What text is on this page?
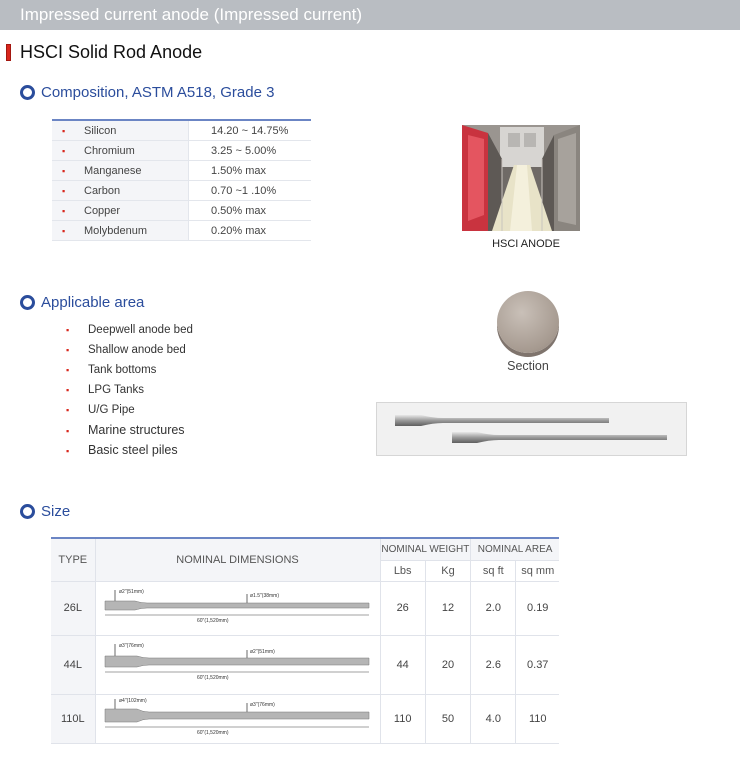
Impressed current anode (Impressed current)
HSCI Solid Rod Anode
Composition, ASTM A518, Grade 3
▪ Silicon	14.20 ~ 14.75%
▪ Chromium	3.25 ~ 5.00%
▪ Manganese	1.50% max
▪ Carbon	0.70 ~1 .10%
▪ Copper	0.50% max
▪ Molybdenum	0.20% max
HSCI ANODE
Applicable area
▪ Deepwell anode bed
▪ Shallow anode bed
▪ Tank bottoms
▪ LPG Tanks
▪ U/G Pipe
▪ Marine structures
▪ Basic steel piles
Section
Size
TYPE	NOMINAL DIMENSIONS	NOMINAL WEIGHT		NOMINAL AREA	
		Lbs	Kg	sq ft	sq mm
26L	ø2"(51mm)
ø1.5"(38mm)
60"(1,520mm)	26	12	2.0	0.19
44L	ø3"(76mm)
ø2"(51mm)
60"(1,520mm)	44	20	2.6	0.37
110L	ø4"(102mm)
ø3"(76mm)
60"(1,520mm)	110	50	4.0	110
